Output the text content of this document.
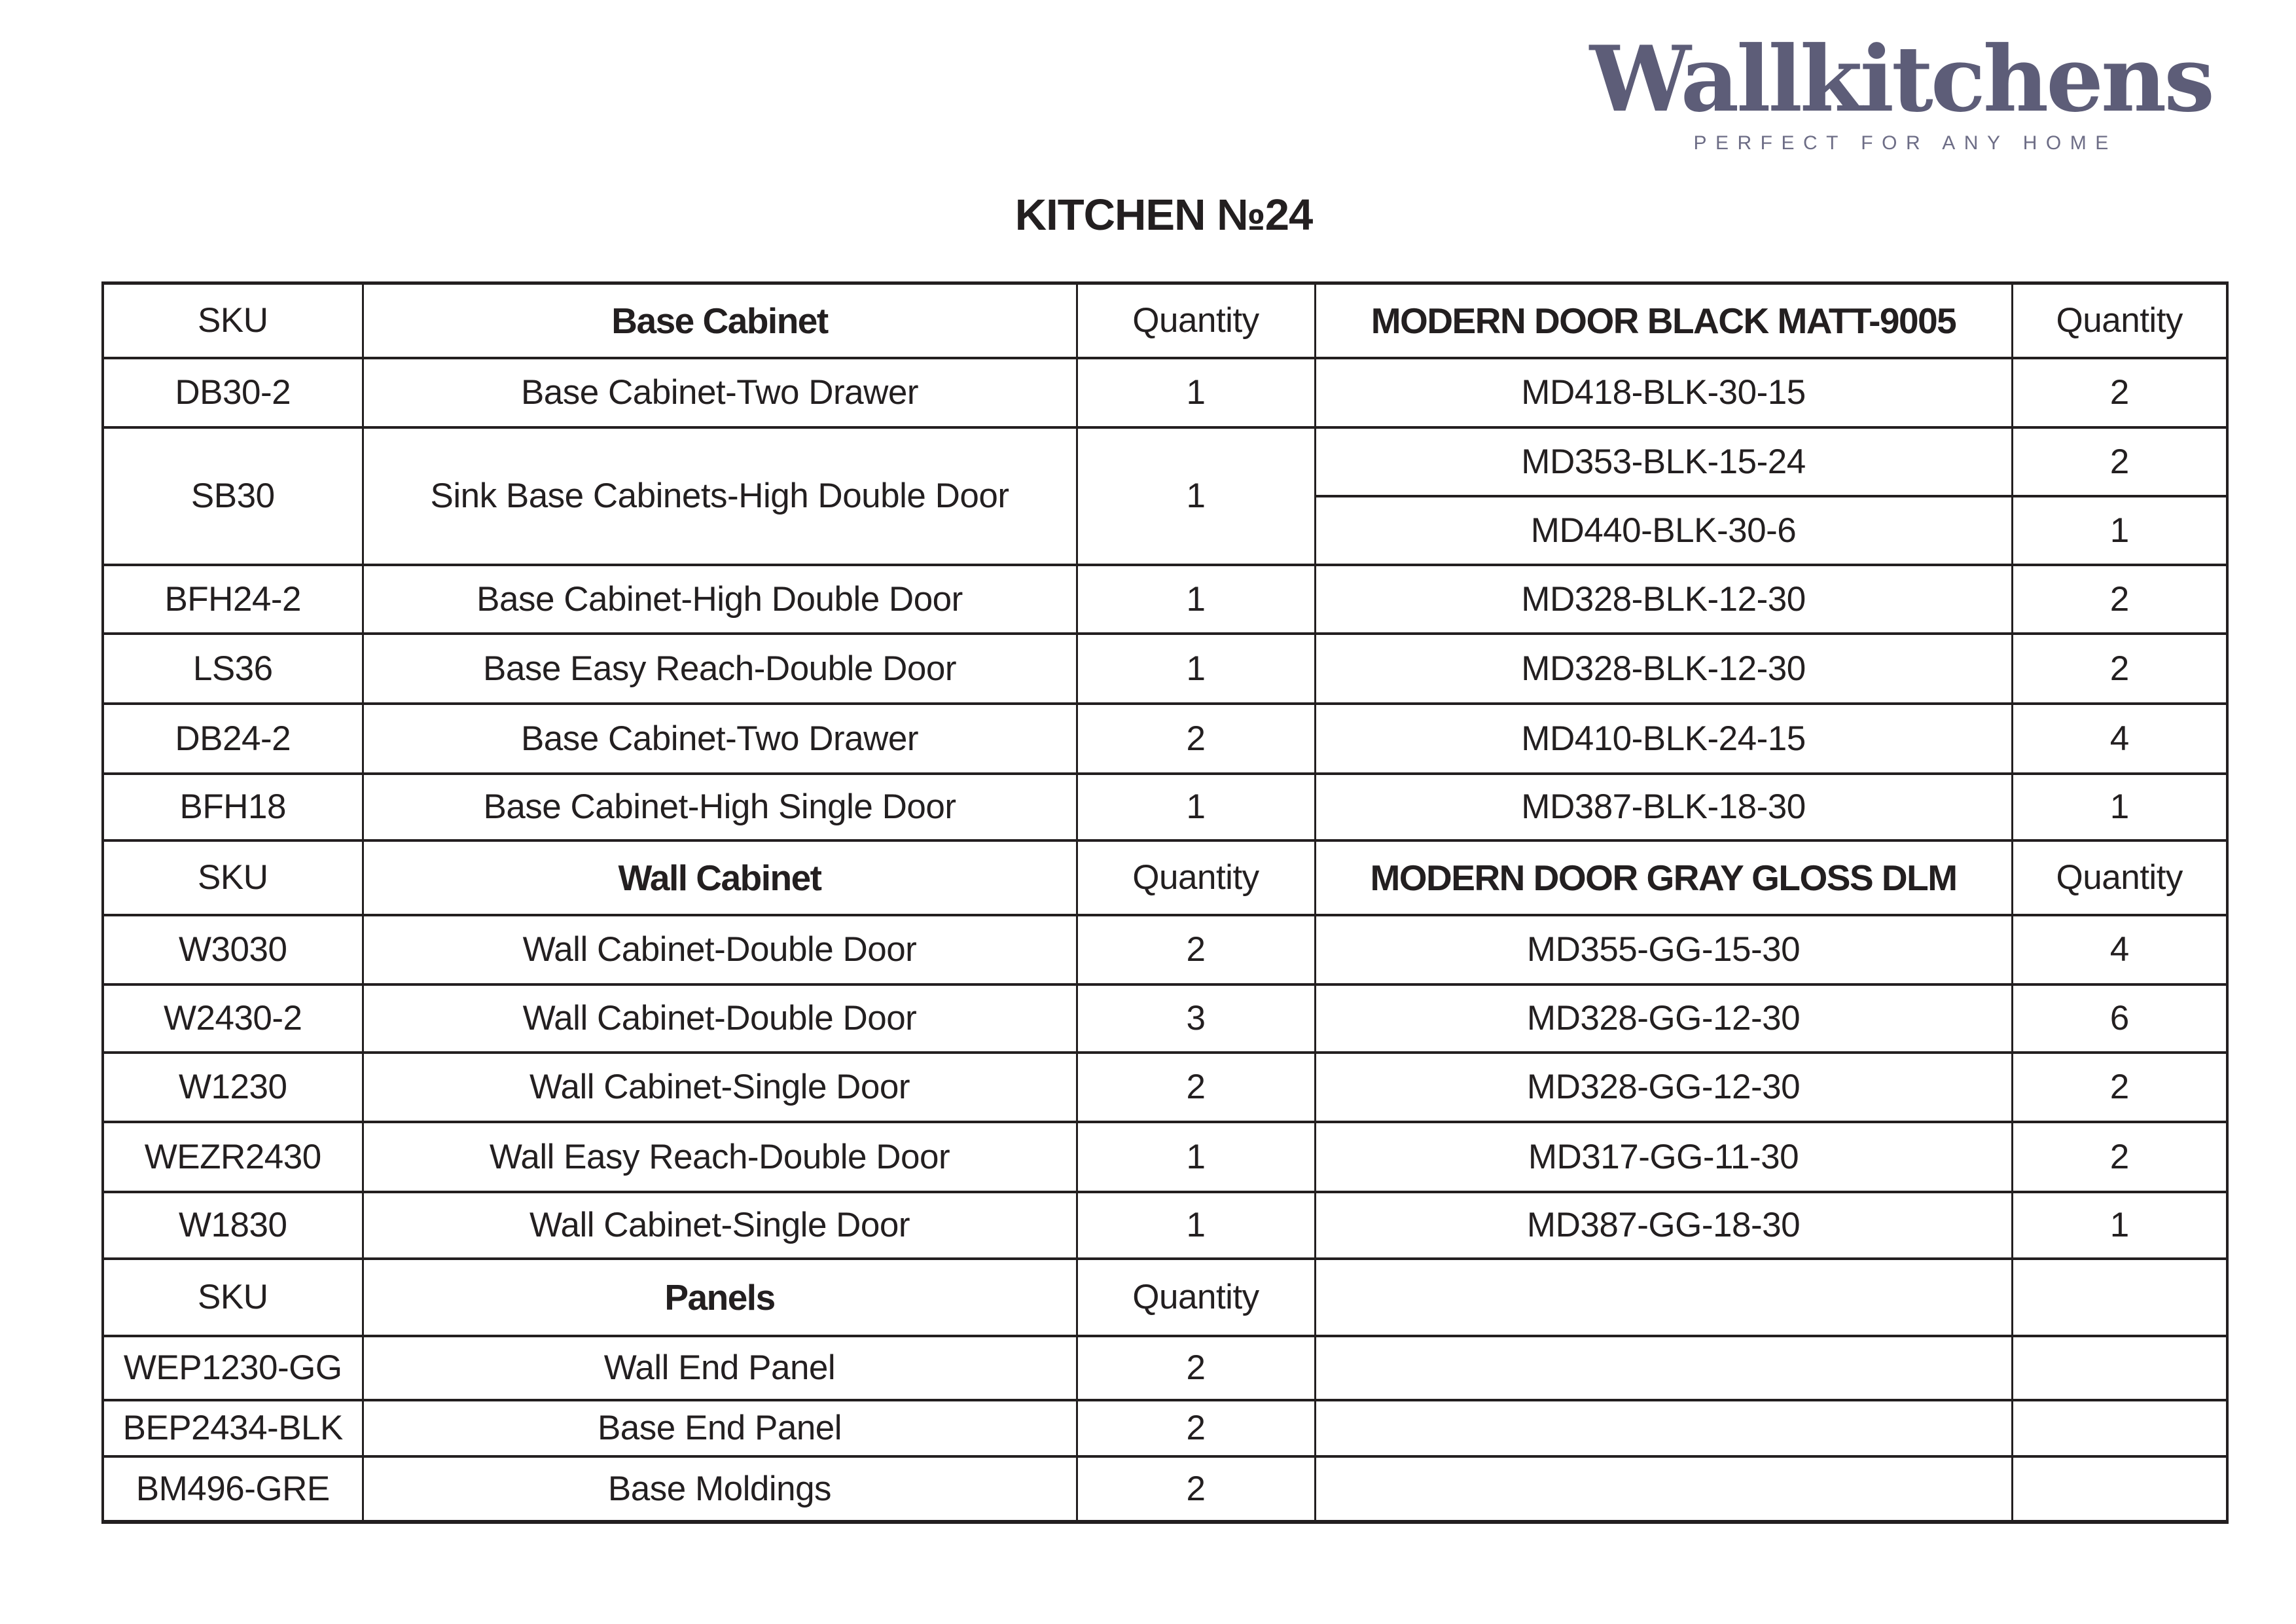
Wallkitchens
PERFECT FOR ANY HOME
KITCHEN №24
SKU	Base Cabinet	Quantity	MODERN DOOR BLACK MATT-9005	Quantity
DB30-2	Base Cabinet-Two Drawer	1	MD418-BLK-30-15	2
SB30	Sink Base Cabinets-High Double Door	1	MD353-BLK-15-24	2
			MD440-BLK-30-6	1
BFH24-2	Base Cabinet-High Double Door	1	MD328-BLK-12-30	2
LS36	Base Easy Reach-Double Door	1	MD328-BLK-12-30	2
DB24-2	Base Cabinet-Two Drawer	2	MD410-BLK-24-15	4
BFH18	Base Cabinet-High Single Door	1	MD387-BLK-18-30	1
SKU	Wall Cabinet	Quantity	MODERN DOOR GRAY GLOSS DLM	Quantity
W3030	Wall Cabinet-Double Door	2	MD355-GG-15-30	4
W2430-2	Wall Cabinet-Double Door	3	MD328-GG-12-30	6
W1230	Wall Cabinet-Single Door	2	MD328-GG-12-30	2
WEZR2430	Wall Easy Reach-Double Door	1	MD317-GG-11-30	2
W1830	Wall Cabinet-Single Door	1	MD387-GG-18-30	1
SKU	Panels	Quantity		
WEP1230-GG	Wall End Panel	2		
BEP2434-BLK	Base End Panel	2		
BM496-GRE	Base Moldings	2		
